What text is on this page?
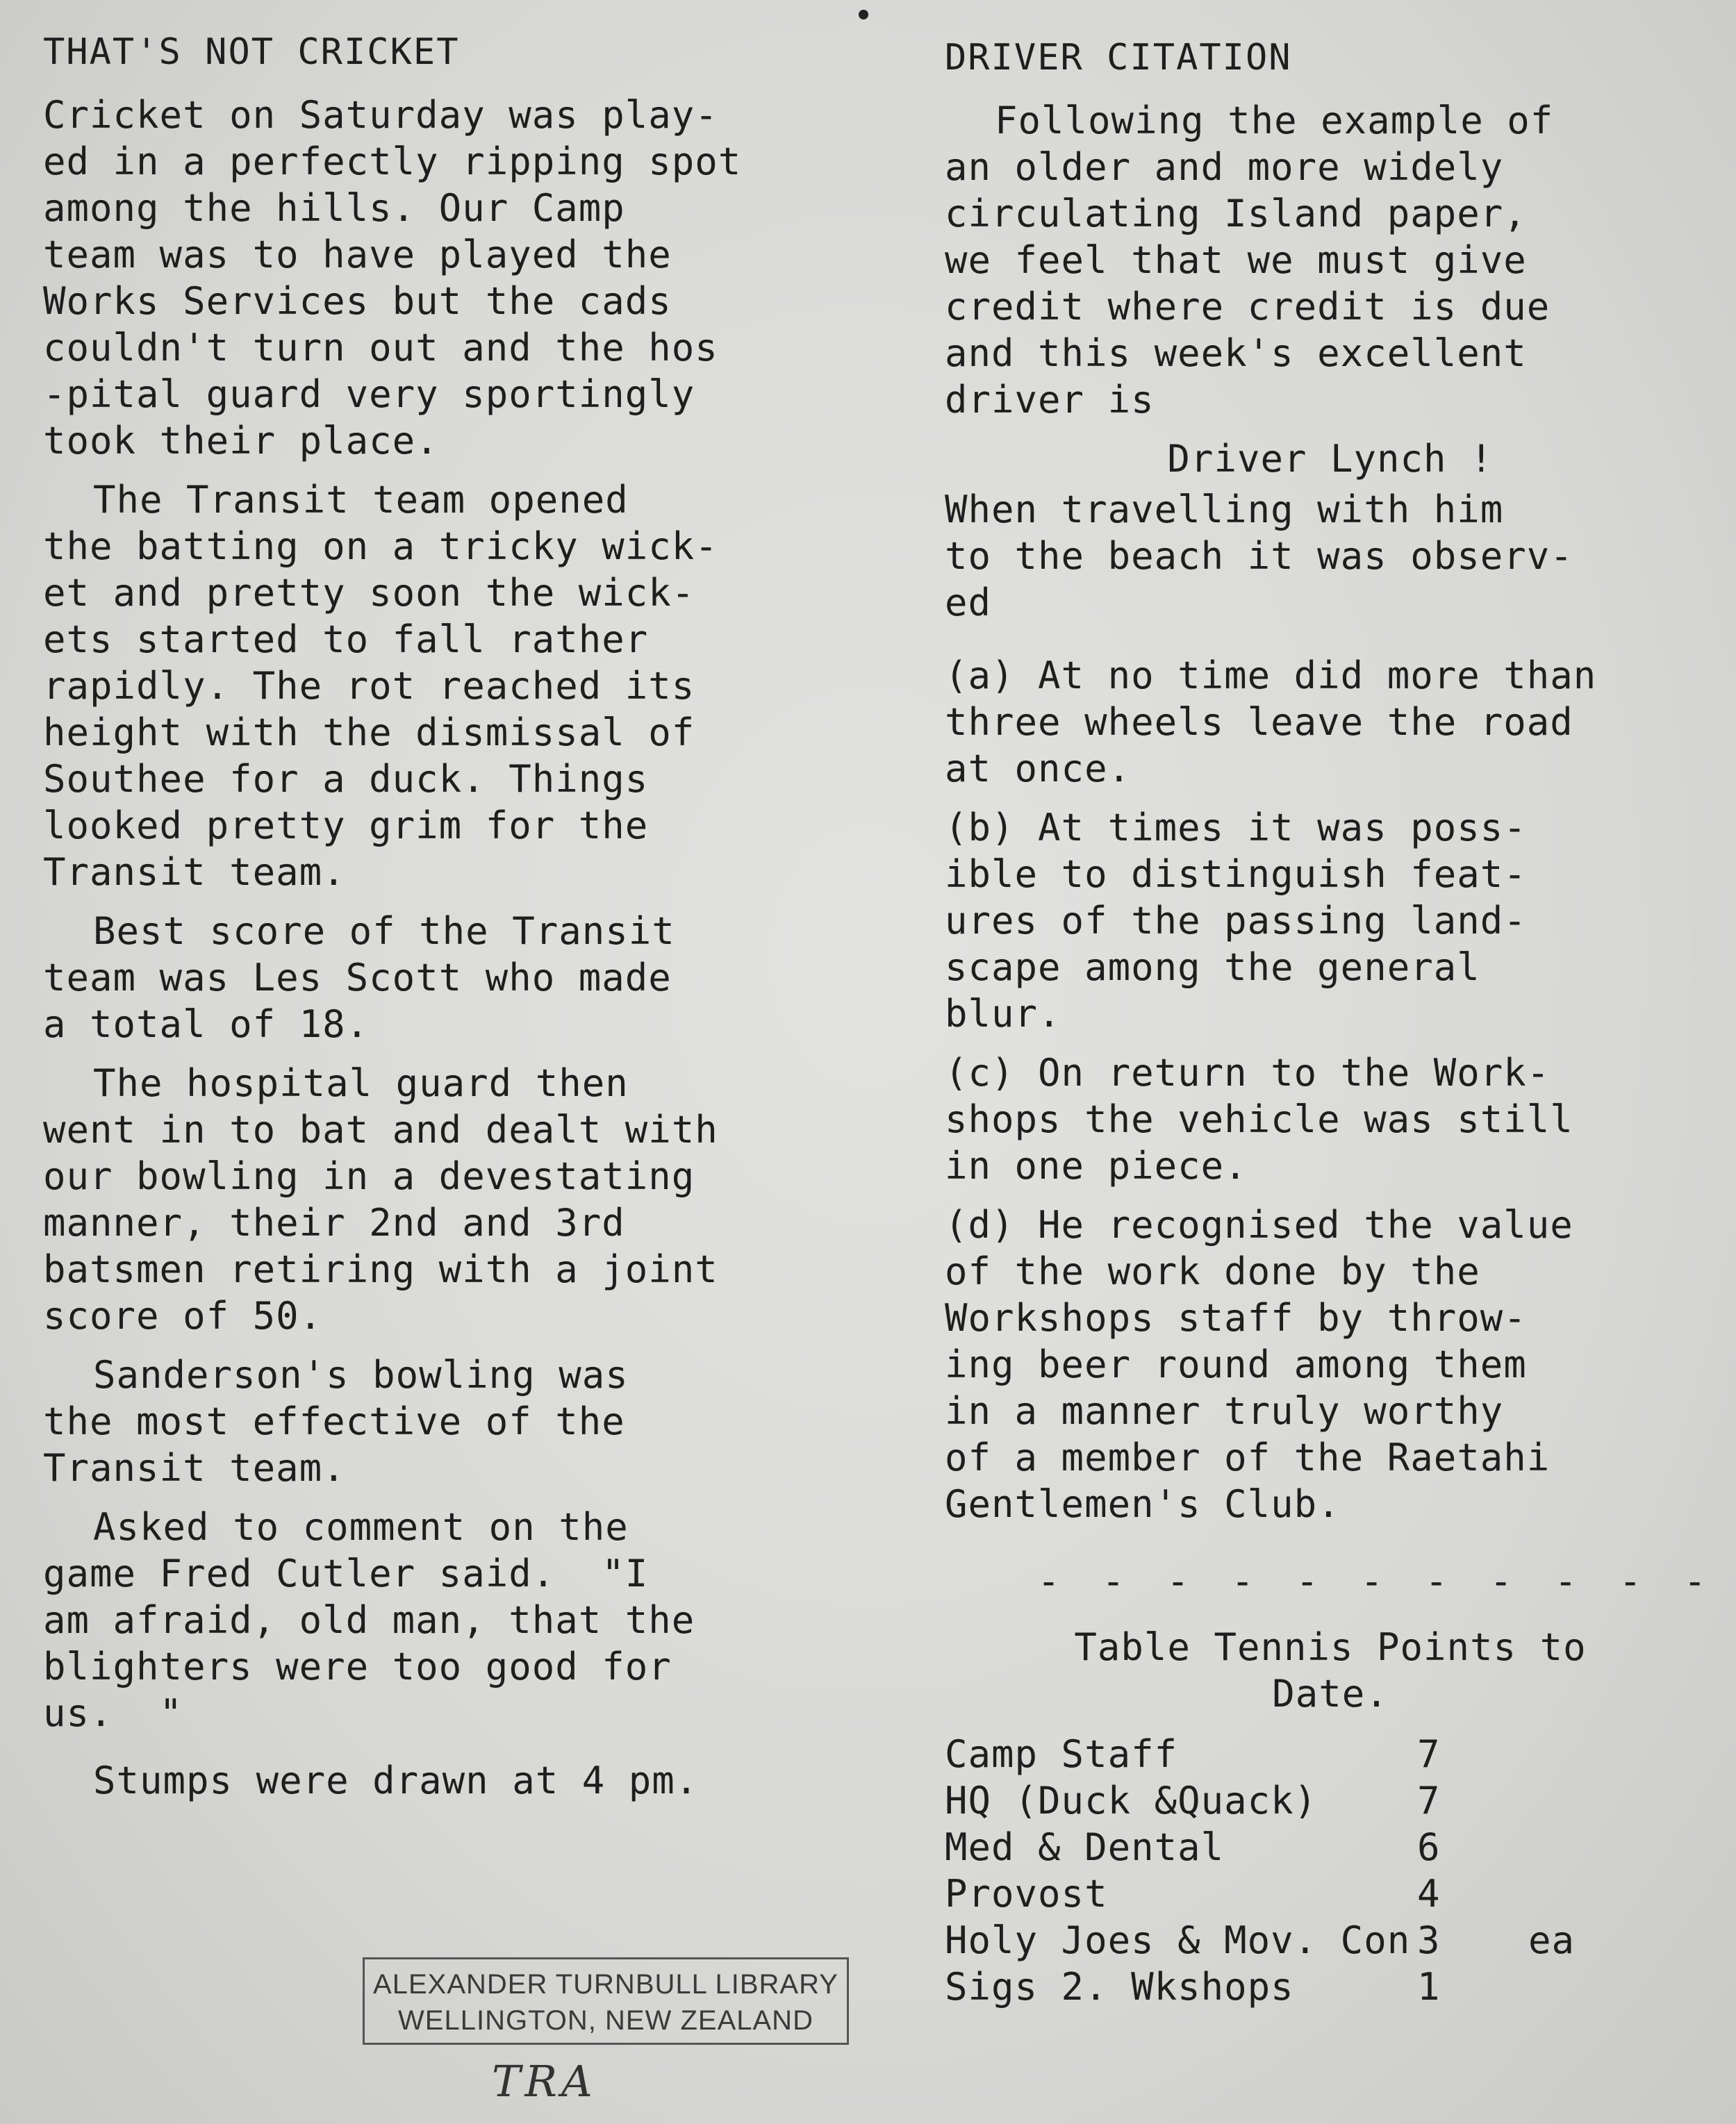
THAT'S NOT CRICKET

Cricket on Saturday was play-
ed in a perfectly ripping spot
among the hills. Our Camp
team was to have played the
Works Services but the cads
couldn't turn out and the hos
-pital guard very sportingly
took their place.

The Transit team opened
the batting on a tricky wick-
et and pretty soon the wick-
ets started to fall rather
rapidly. The rot reached its
height with the dismissal of
Southee for a duck. Things
looked pretty grim for the
Transit team.

Best score of the Transit
team was Les Scott who made
a total of 18.

The hospital guard then
went in to bat and dealt with
our bowling in a devestating
manner, their 2nd and 3rd
batsmen retiring with a joint
score of 50.

Sanderson's bowling was
the most effective of the
Transit team.

Asked to comment on the
game Fred Cutler said.  "I
am afraid, old man, that the
blighters were too good for
us.  "

Stumps were drawn at 4 pm.

DRIVER CITATION

Following the example of
an older and more widely
circulating Island paper,
we feel that we must give
credit where credit is due
and this week's excellent
driver is

Driver Lynch !

When travelling with him
to the beach it was observ-
ed

(a) At no time did more than
three wheels leave the road
at once.

(b) At times it was poss-
ible to distinguish feat-
ures of the passing land-
scape among the general
blur.

(c) On return to the Work-
shops the vehicle was still
in one piece.

(d) He recognised the value
of the work done by the
Workshops staff by throw-
ing beer round among them
in a manner truly worthy
of a member of the Raetahi
Gentlemen's Club.

- - - - - - - - - - -
Table Tennis Points to
Date.
Camp Staff	7	
HQ (Duck &Quack)	7	
Med & Dental	6	
Provost	4	
Holy Joes & Mov. Con	3	ea
Sigs 2. Wkshops	1	
ALEXANDER TURNBULL LIBRARY
WELLINGTON, NEW ZEALAND
TRA
